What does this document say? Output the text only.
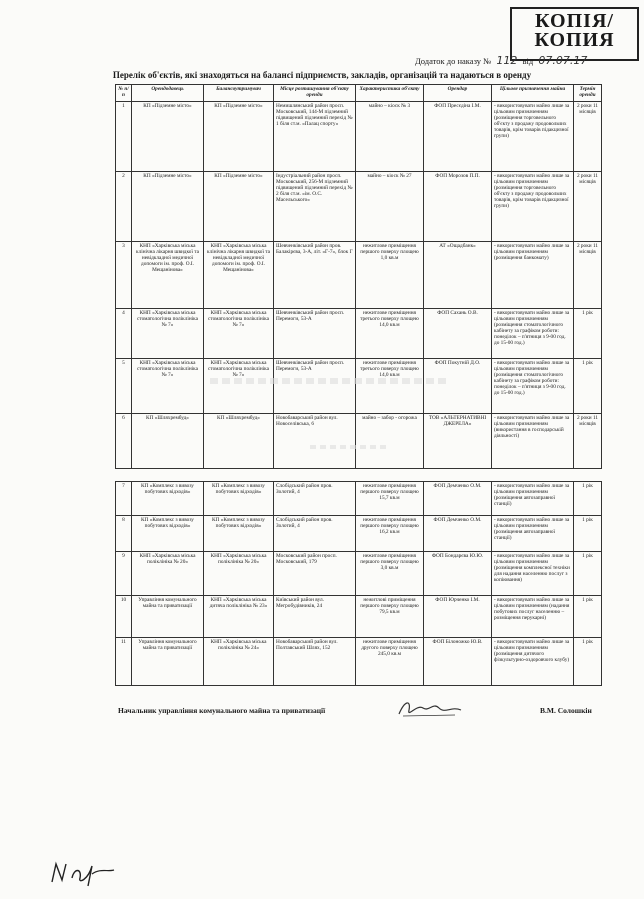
КОПІЯ/
КОПИЯ
Додаток до наказу № 112 від 07.07.17
Перелік об'єктів, які знаходяться на балансі підприємств, закладів, організацій та надаються в оренду
№ п/п	Орендодавець	Балансоутримувач	Місце розташування об'єкту оренди	Характеристика об'єкту	Орендар	Цільове призначення майна	Термін оренди
1	КП «Підземне місто»	КП «Підземне місто»	Немишлянський район просп. Московський, 144-М підземний підвищений підземний перехід № 1 біля ст.м. «Палац спорту»	майно – кіоск № 3	ФОП Пресєдіна І.М.	- використовувати майно лише за цільовим призначенням (розміщення торговельного об'єкту з продажу продовольчих товарів, крім товарів підакцизної групи)	2 роки 11 місяців
2	КП «Підземне місто»	КП «Підземне місто»	Індустріальний район просп. Московський, 256-М підземний підвищений підземний перехід № 2 біля ст.м. «ім. О.С. Масельського»	майно – кіоск № 27	ФОП Морозов П.П.	- використовувати майно лише за цільовим призначенням (розміщення торговельного об'єкту з продажу продовольчих товарів, крім товарів підакцизної групи)	2 роки 11 місяців
3	КНП «Харківська міська клінічна лікарня швидкої та невідкладної медичної допомоги ім. проф. О.І. Мещанінова»	КНП «Харківська міська клінічна лікарня швидкої та невідкладної медичної допомоги ім. проф. О.І. Мещанінова»	Шевченківський район пров. Балакірєва, 3-А, літ. «Г-7», блок Г	нежитлове приміщення першого поверху площею 1,0 кв.м	АТ «Ощадбанк»	- використовувати майно лише за цільовим призначенням (розміщення банкомату)	2 роки 11 місяців
4	КНП «Харківська міська стоматологічна поліклініка № 7»	КНП «Харківська міська стоматологічна поліклініка № 7»	Шевченківський район просп. Перемоги, 53-А	нежитлове приміщення третього поверху площею 14,0 кв.м	ФОП Сахань О.В.	- використовувати майно лише за цільовим призначенням (розміщення стоматологічного кабінету за графіком роботи: понеділок – п'ятниця з 9-00 год. до 15-00 год.)	1 рік
5	КНП «Харківська міська стоматологічна поліклініка № 7»	КНП «Харківська міська стоматологічна поліклініка № 7»	Шевченківський район просп. Перемоги, 53-А	нежитлове приміщення третього поверху площею 14,0 кв.м	ФОП Покутній Д.О.	- використовувати майно лише за цільовим призначенням (розміщення стоматологічного кабінету за графіком роботи: понеділок – п'ятниця з 9-00 год. до 15-00 год.)	1 рік
6	КП «Шляхрембуд»	КП «Шляхрембуд»	Новобаварський район вул. Новоселівська, 6	майно – забор - огорожа	ТОВ «АЛЬТЕРНАТИВНІ ДЖЕРЕЛА»	- використовувати майно лише за цільовим призначенням (використання в господарській діяльності)	2 роки 11 місяців
7	КП «Комплекс з вивозу побутових відходів»	КП «Комплекс з вивозу побутових відходів»	Слобідський район пров. Золотий, 4	нежитлове приміщення першого поверху площею 15,7 кв.м	ФОП Демченко О.М.	- використовувати майно лише за цільовим призначенням (розміщення автозаправної станції)	1 рік
8	КП «Комплекс з вивозу побутових відходів»	КП «Комплекс з вивозу побутових відходів»	Слобідський район пров. Золотий, 4	нежитлове приміщення першого поверху площею 16,2 кв.м	ФОП Демченко О.М.	- використовувати майно лише за цільовим призначенням (розміщення автозаправної станції)	1 рік
9	КНП «Харківська міська поліклініка № 20»	КНП «Харківська міська поліклініка № 20»	Московський район просп. Московський, 179	нежитлове приміщення першого поверху площею 3,0 кв.м	ФОП Бондарєва Ю.Ю.	- використовувати майно лише за цільовим призначенням (розміщення комплексної техніки для надання населенню послуг з копіювання)	1 рік
10	Управління комунального майна та приватизації	КНП «Харківська міська дитяча поліклініка № 23»	Київський район вул. Мегробудівників, 24	нежитлові приміщення першого поверху площею 79,5 кв.м	ФОП Юрченко І.М.	- використовувати майно лише за цільовим призначенням (надання побутових послуг населенню – розміщення перукарні)	1 рік
11	Управління комунального майна та приватизації	КНП «Харківська міська поліклініка № 24»	Новобаварський район вул. Полтавський Шлях, 152	нежитлове приміщення другого поверху площею 245,0 кв.м	ФОП Білоножко Ю.В.	- використовувати майно лише за цільовим призначенням (розміщення дитячого фізкультурно-оздоровчого клубу)	1 рік
Начальник управління комунального майна та приватизації	В.М. Солошкін
